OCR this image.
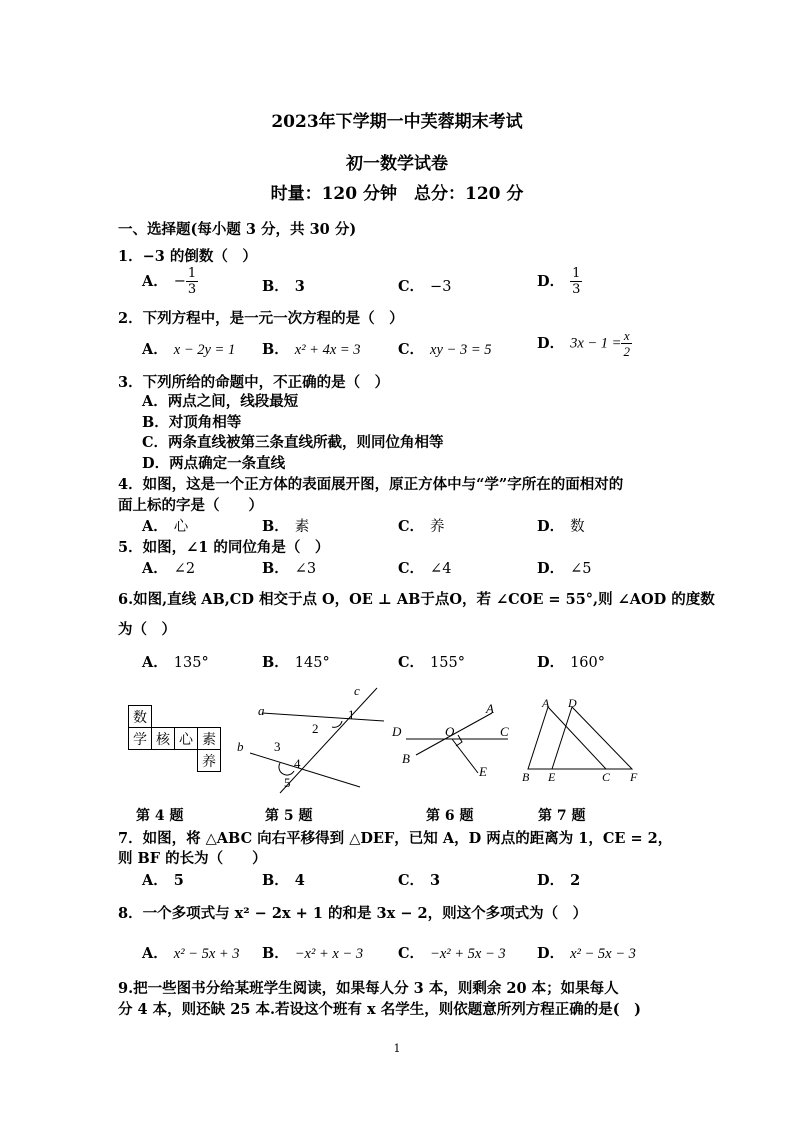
2023年下学期一中芙蓉期末考试
初一数学试卷
时量：120 分钟　总分：120 分
一、选择题(每小题 3 分，共 30 分)
1．−3 的倒数（　）
A． − $\frac{1}{3}$	B． 3	C． −3	D． $\frac{1}{3}$
2．下列方程中，是一元一次方程的是（　）
A． x − 2y = 1 B． x² + 4x = 3	C． xy − 3 = 5	D． $3x - 1 = \frac{x}{2}$
3．下列所给的命题中，不正确的是（　）
A．两点之间，线段最短
B．对顶角相等
C．两条直线被第三条直线所截，则同位角相等
D．两点确定一条直线
4．如图，这是一个正方体的表面展开图，原正方体中与“学”字所在的面相对的
面上标的字是（　　）
A． 心	B． 素	C． 养	D． 数
5．如图，∠1 的同位角是（　）
A． ∠2	B． ∠3	C． ∠4	D． ∠5
6.如图,直线 AB,CD 相交于点 O，OE ⊥ AB于点O，若 ∠COE = 55°,则 ∠AOD 的度数
为（　）
A． 135°	B． 145°	C． 155°	D． 160°
数			
学	核	心	素
			养
a
b
c
1
2
3
4
5
A
B
C
D	O
E
A D
B E	C F
第 4 题	第 5 题	第 6 题	第 7 题
7．如图，将 △ABC 向右平移得到 △DEF，已知 A，D 两点的距离为 1，CE = 2，
则 BF 的长为（　　）
A． 5	B． 4	C． 3	D． 2
8．一个多项式与 x² − 2x + 1 的和是 3x − 2，则这个多项式为（　）
A． x² − 5x + 3 B． −x² + x − 3 C． −x² + 5x − 3 D． x² − 5x − 3
9.把一些图书分给某班学生阅读，如果每人分 3 本，则剩余 20 本；如果每人
分 4 本，则还缺 25 本.若设这个班有 x 名学生，则依题意所列方程正确的是(　)
1
